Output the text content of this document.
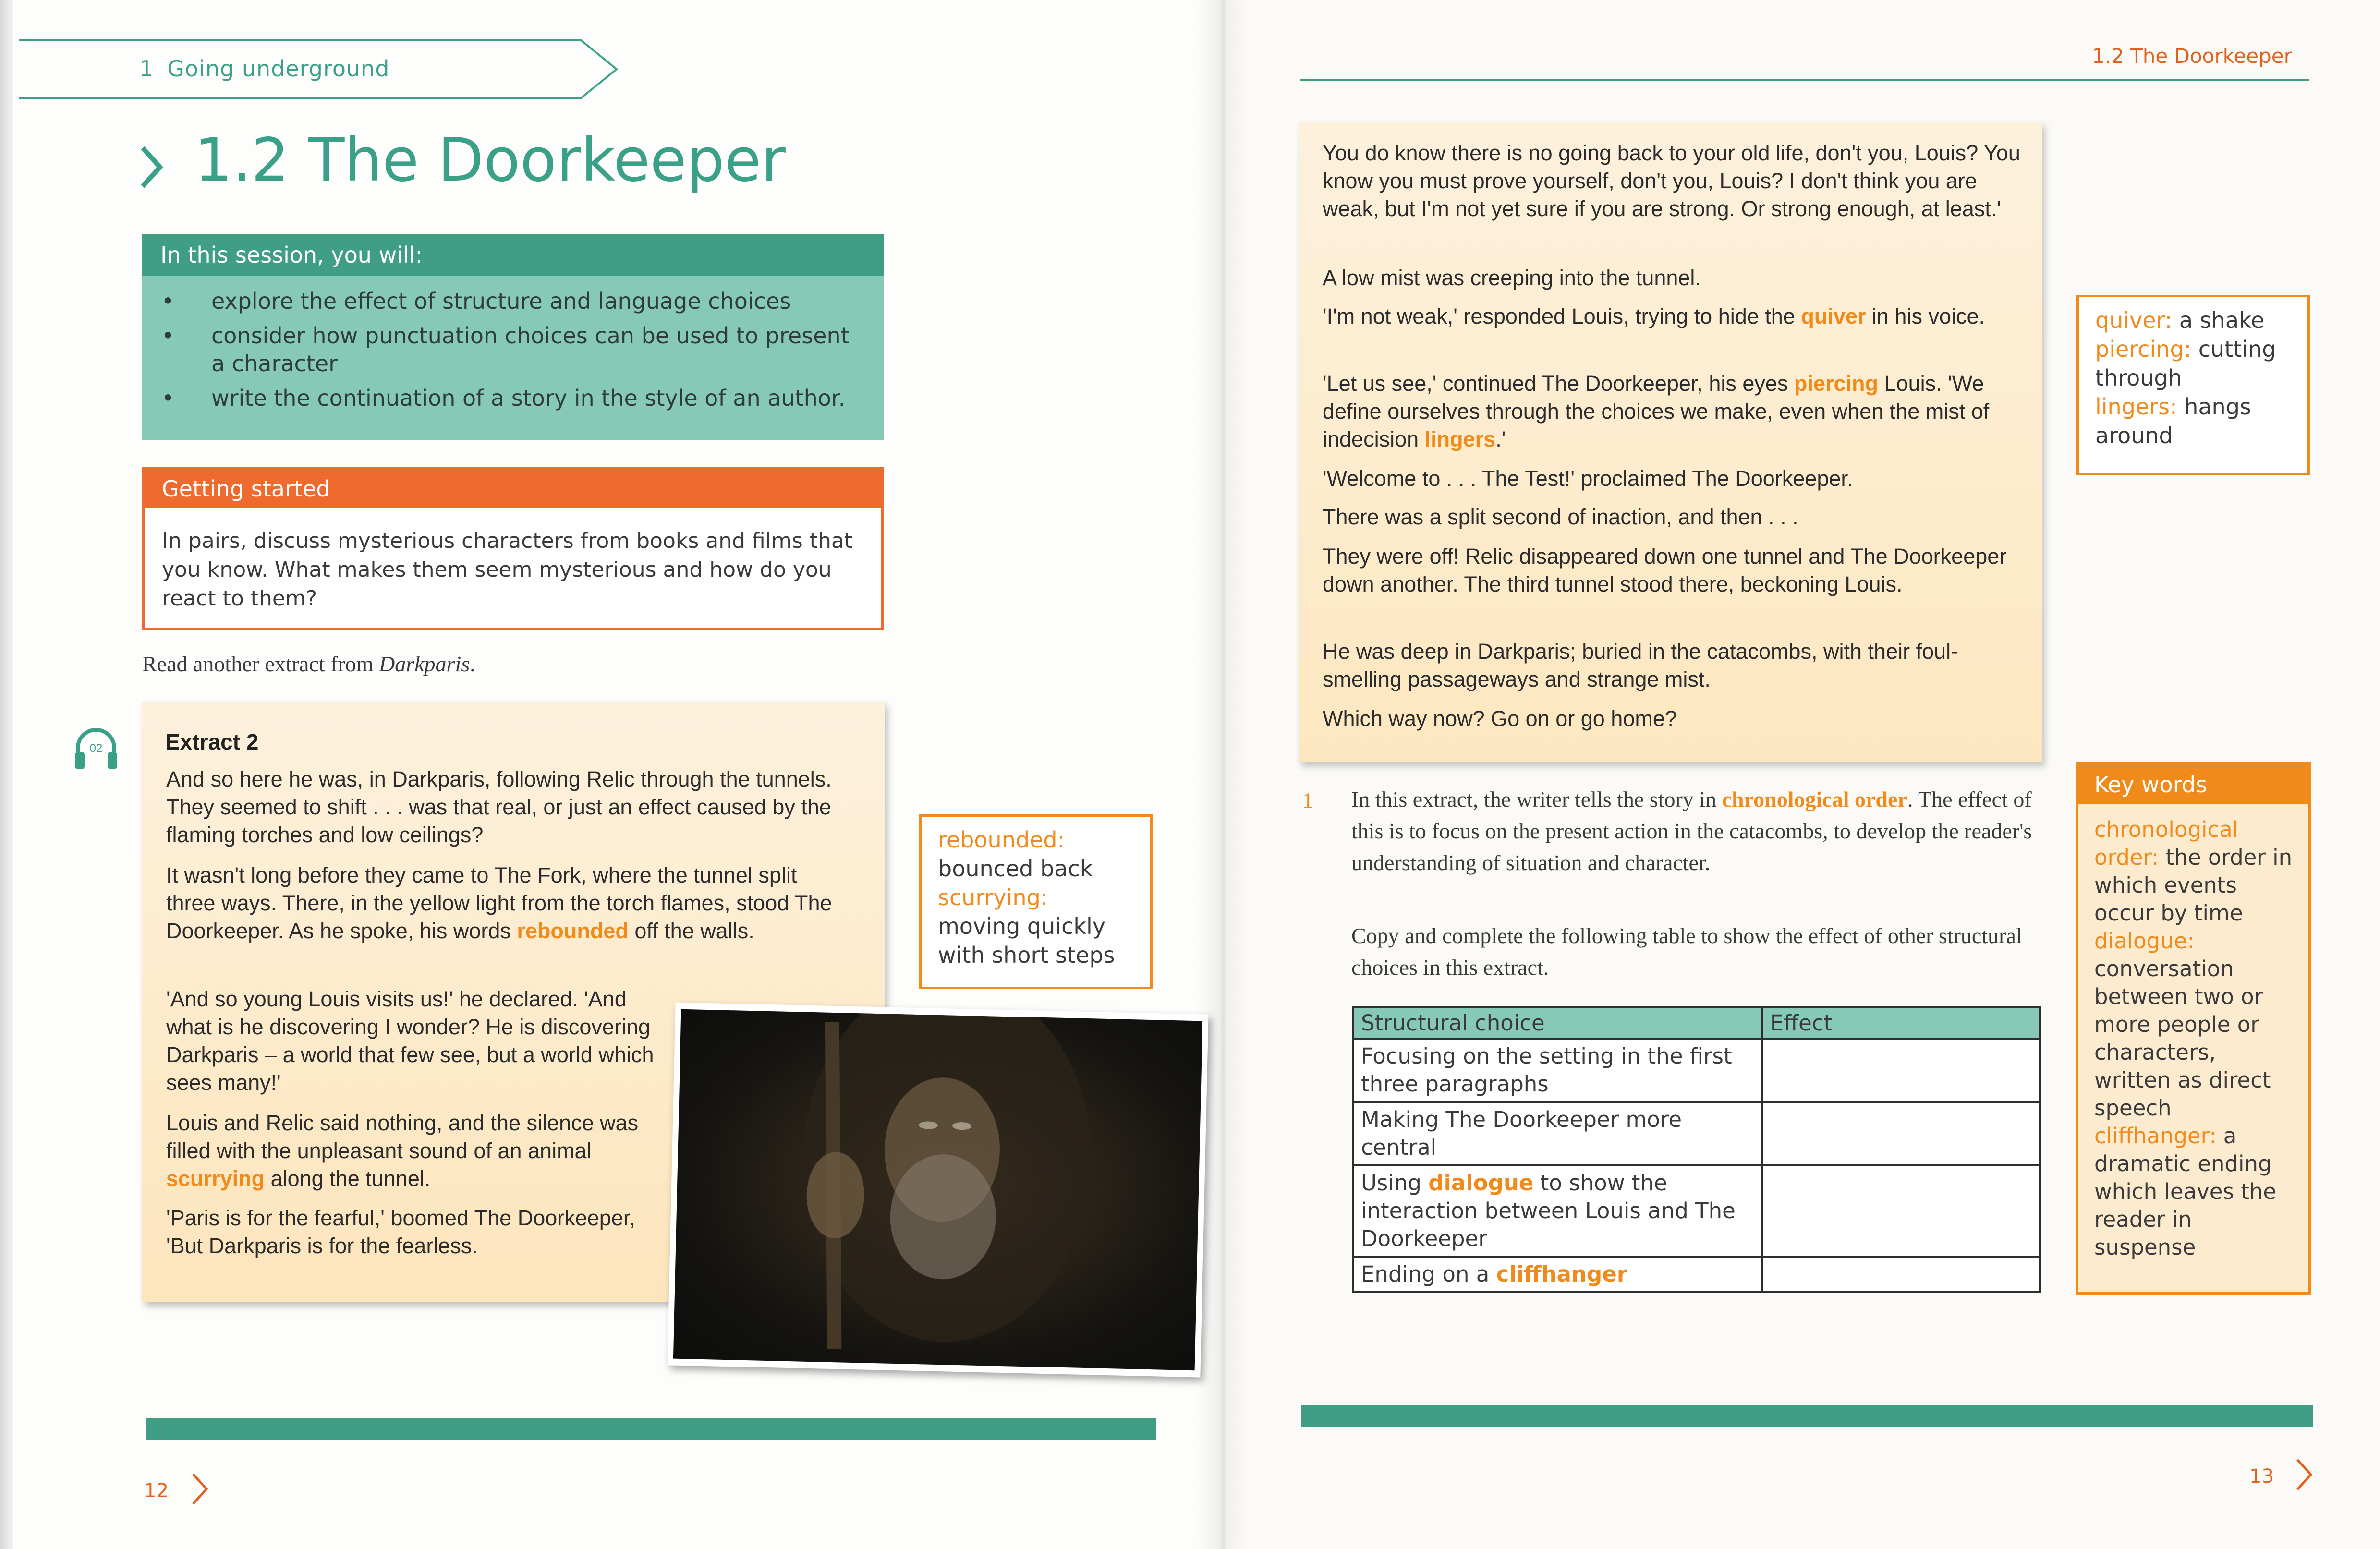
1 Going underground
1.2 The Doorkeeper
In this session, you will:
• explore the effect of structure and language choices
• consider how punctuation choices can be used to present a character
• write the continuation of a story in the style of an author.
Getting started
In pairs, discuss mysterious characters from books and films that you know. What makes them seem mysterious and how do you react to them?
Read another extract from Darkparis.
02	Extract 2
And so here he was, in Darkparis, following Relic through the tunnels. They seemed to shift . . . was that real, or just an effect caused by the flaming torches and low ceilings?
It wasn't long before they came to The Fork, where the tunnel split three ways. There, in the yellow light from the torch flames, stood The Doorkeeper. As he spoke, his words rebounded off the walls.
'And so young Louis visits us!' he declared. 'And what is he discovering I wonder? He is discovering Darkparis – a world that few see, but a world which sees many!'
Louis and Relic said nothing, and the silence was filled with the unpleasant sound of an animal scurrying along the tunnel.
'Paris is for the fearful,' boomed The Doorkeeper, 'But Darkparis is for the fearless.
rebounded:
bounced back
scurrying: moving quickly with short steps
12
1.2 The Doorkeeper
You do know there is no going back to your old life, don't you, Louis? You know you must prove yourself, don't you, Louis? I don't think you are weak, but I'm not yet sure if you are strong. Or strong enough, at least.'
A low mist was creeping into the tunnel.
'I'm not weak,' responded Louis, trying to hide the quiver in his voice.
'Let us see,' continued The Doorkeeper, his eyes piercing Louis. 'We define ourselves through the choices we make, even when the mist of indecision lingers.'
'Welcome to . . . The Test!' proclaimed The Doorkeeper.
There was a split second of inaction, and then . . .
They were off! Relic disappeared down one tunnel and The Doorkeeper down another. The third tunnel stood there, beckoning Louis.
He was deep in Darkparis; buried in the catacombs, with their foul-smelling passageways and strange mist.
Which way now? Go on or go home?
quiver: a shake
piercing: cutting through
lingers: hangs around
1 In this extract, the writer tells the story in chronological order. The effect of this is to focus on the present action in the catacombs, to develop the reader's understanding of situation and character.
Copy and complete the following table to show the effect of other structural choices in this extract.
Structural choice	Effect
Focusing on the setting in the first three paragraphs	
Making The Doorkeeper more central	
Using dialogue to show the interaction between Louis and The Doorkeeper	
Ending on a cliffhanger	
Key words
chronological order: the order in which events occur by time
dialogue: conversation between two or more people or characters, written as direct speech
cliffhanger: a dramatic ending which leaves the reader in suspense
13
